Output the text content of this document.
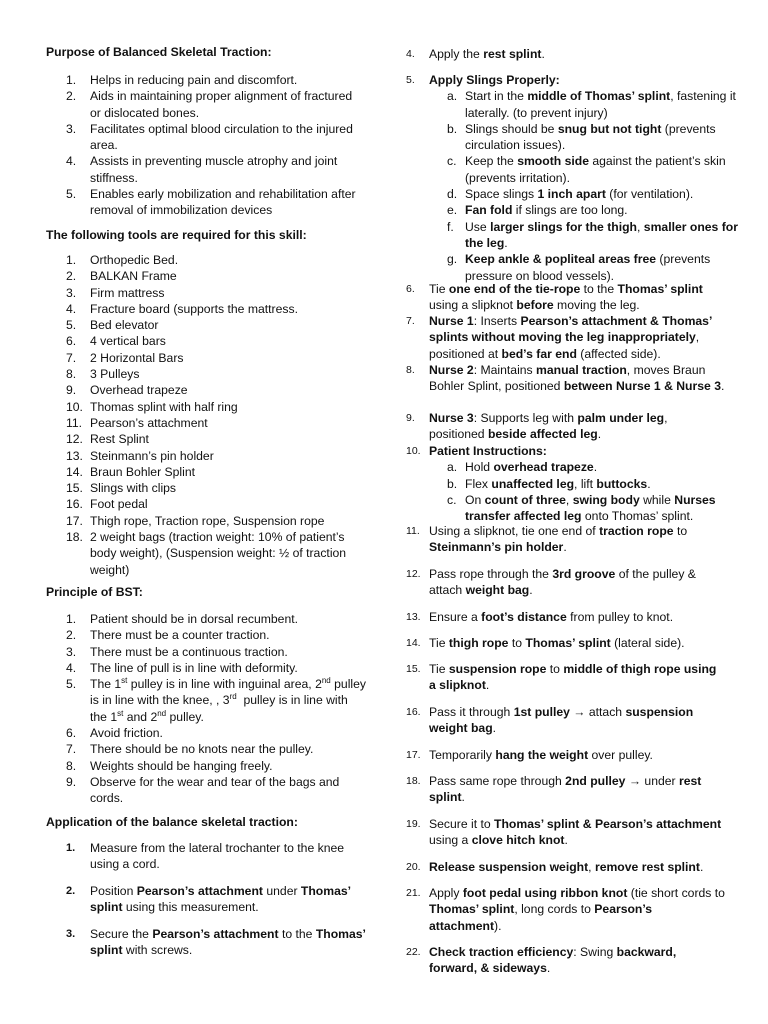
Purpose of Balanced Skeletal Traction:
1. Helps in reducing pain and discomfort.
2. Aids in maintaining proper alignment of fractured or dislocated bones.
3. Facilitates optimal blood circulation to the injured area.
4. Assists in preventing muscle atrophy and joint stiffness.
5. Enables early mobilization and rehabilitation after removal of immobilization devices
The following tools are required for this skill:
1. Orthopedic Bed.
2. BALKAN Frame
3. Firm mattress
4. Fracture board (supports the mattress.
5. Bed elevator
6. 4 vertical bars
7. 2 Horizontal Bars
8. 3 Pulleys
9. Overhead trapeze
10. Thomas splint with half ring
11. Pearson’s attachment
12. Rest Splint
13. Steinmann’s pin holder
14. Braun Bohler Splint
15. Slings with clips
16. Foot pedal
17. Thigh rope, Traction rope, Suspension rope
18. 2 weight bags (traction weight: 10% of patient’s body weight), (Suspension weight: ½ of traction weight)
Principle of BST:
1. Patient should be in dorsal recumbent.
2. There must be a counter traction.
3. There must be a continuous traction.
4. The line of pull is in line with deformity.
5. The 1st pulley is in line with inguinal area, 2nd pulley is in line with the knee, , 3rd  pulley is in line with the 1st and 2nd pulley.
6. Avoid friction.
7. There should be no knots near the pulley.
8. Weights should be hanging freely.
9. Observe for the wear and tear of the bags and cords.
Application of the balance skeletal traction:
1. Measure from the lateral trochanter to the knee using a cord.
2. Position Pearson’s attachment under Thomas’ splint using this measurement.
3. Secure the Pearson’s attachment to the Thomas’ splint with screws.
4. Apply the rest splint.
5. Apply Slings Properly:
a. Start in the middle of Thomas’ splint, fastening it laterally. (to prevent injury)
b. Slings should be snug but not tight (prevents circulation issues).
c. Keep the smooth side against the patient’s skin (prevents irritation).
d. Space slings 1 inch apart (for ventilation).
e. Fan fold if slings are too long.
f. Use larger slings for the thigh, smaller ones for the leg.
g. Keep ankle & popliteal areas free (prevents pressure on blood vessels).
6. Tie one end of the tie-rope to the Thomas’ splint using a slipknot before moving the leg.
7. Nurse 1: Inserts Pearson’s attachment & Thomas’ splints without moving the leg inappropriately, positioned at bed’s far end (affected side).
8. Nurse 2: Maintains manual traction, moves Braun Bohler Splint, positioned between Nurse 1 & Nurse 3.
9. Nurse 3: Supports leg with palm under leg, positioned beside affected leg.
10. Patient Instructions:
a. Hold overhead trapeze.
b. Flex unaffected leg, lift buttocks.
c. On count of three, swing body while Nurses transfer affected leg onto Thomas’ splint.
11. Using a slipknot, tie one end of traction rope to Steinmann’s pin holder.
12. Pass rope through the 3rd groove of the pulley & attach weight bag.
13. Ensure a foot’s distance from pulley to knot.
14. Tie thigh rope to Thomas’ splint (lateral side).
15. Tie suspension rope to middle of thigh rope using a slipknot.
16. Pass it through 1st pulley → attach suspension weight bag.
17. Temporarily hang the weight over pulley.
18. Pass same rope through 2nd pulley → under rest splint.
19. Secure it to Thomas’ splint & Pearson’s attachment using a clove hitch knot.
20. Release suspension weight, remove rest splint.
21. Apply foot pedal using ribbon knot (tie short cords to Thomas’ splint, long cords to Pearson’s attachment).
22. Check traction efficiency: Swing backward, forward, & sideways.
